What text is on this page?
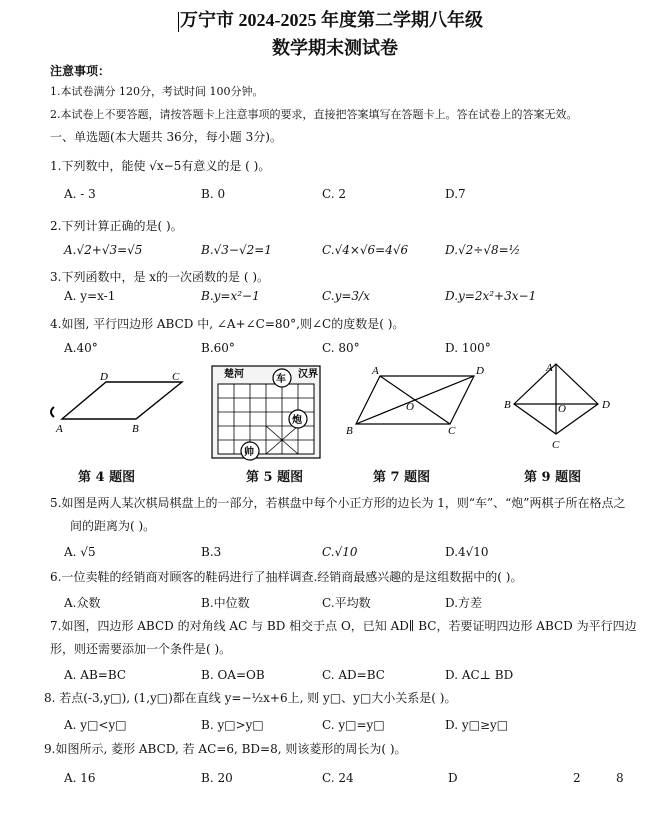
万宁市 2024-2025 年度第二学期八年级
数学期末测试卷
注意事项：
1.本试卷满分 120分，考试时间 100分钟。
2.本试卷上不要答题，请按答题卡上注意事项的要求，直接把答案填写在答题卡上。答在试卷上的答案无效。
一、单选题(本大题共 36分，每小题 3分)。
1.下列数中，能使 √x−5有意义的是 ( )。
A. - 3	B. 0	C. 2	D.7
2.下列计算正确的是( )。
A.√2+√3=√5	B.√3−√2=1	C.√4×√6=4√6	D.√2÷√8=½
3.下列函数中，是 x的一次函数的是 ( )。
A. y=x-1	B.y=x²−1	C.y=3/x	D.y=2x²+3x−1
4.如图, 平行四边形 ABCD 中, ∠A+∠C=80°,则∠C的度数是( )。
A.40°	B.60°	C. 80°	D. 100°
D	C
A	B
楚河	汉界
车
炮
帅
A	D
B	C
O
A
B	D
C
O
第 4 题图	第 5 题图	第 7 题图	第 9 题图
5.如图是两人某次棋局棋盘上的一部分，若棋盘中每个小正方形的边长为 1，则“车”、“炮”两棋子所在格点之
间的距离为( )。
A. √5	B.3	C.√10	D.4√10
6.一位卖鞋的经销商对顾客的鞋码进行了抽样调查.经销商最感兴趣的是这组数据中的( )。
A.众数	B.中位数	C.平均数	D.方差
7.如图，四边形 ABCD 的对角线 AC 与 BD 相交于点 O，已知 AD∥ BC，若要证明四边形 ABCD 为平行四边
形，则还需要添加一个条件是( )。
A. AB=BC	B. OA=OB	C. AD=BC	D. AC⊥ BD
8. 若点(-3,y□), (1,y□)都在直线 y=−½x+6上, 则 y□、y□大小关系是( )。
A. y□<y□	B. y□>y□	C. y□=y□	D. y□≥y□
9.如图所示, 菱形 ABCD, 若 AC=6, BD=8, 则该菱形的周长为( )。
A. 16	B. 20	C. 24	D	2	8
